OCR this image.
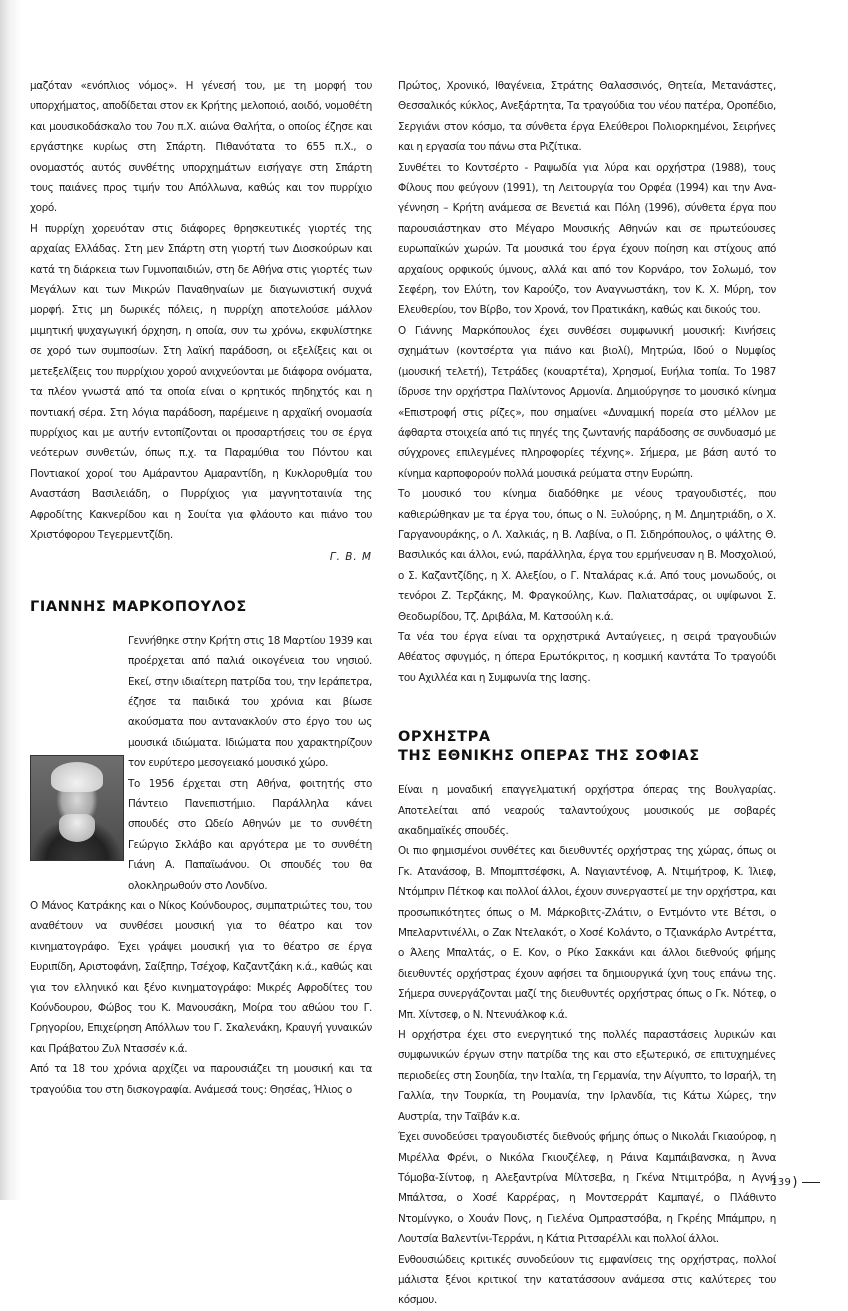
μαζόταν «ενόπλιος νόμος». Η γένεσή του, με τη μορφή του υπορχήματος, αποδίδεται στον εκ Κρήτης μελοποιό, αοιδό, νομοθέτη και μουσικοδάσκαλο του 7ου π.Χ. αιώνα Θαλήτα, ο οποίος έζησε και εργάστηκε κυρίως στη Σπάρτη. Πιθανότατα το 655 π.Χ., ο ονομαστός αυτός συνθέτης υπορχημάτων εισήγαγε στη Σπάρτη τους παιάνες προς τιμήν του Απόλλωνα, καθώς και τον πυρρίχιο χορό.

Η πυρρίχη χορευόταν στις διάφορες θρησκευτικές γιορτές της αρχαίας Ελλάδας. Στη μεν Σπάρτη στη γιορτή των Διοσκούρων και κατά τη διάρκεια των Γυμνοπαιδιών, στη δε Αθήνα στις γιορτές των Μεγάλων και των Μικρών Παναθηναίων με διαγωνιστική συχνά μορφή. Στις μη δωρικές πόλεις, η πυρρίχη αποτελούσε μάλλον μιμητική ψυχαγωγική όρχηση, η οποία, συν τω χρόνω, εκφυλίστηκε σε χορό των συμποσίων. Στη λαϊκή παράδοση, οι εξελίξεις και οι μετεξελίξεις του πυρρίχιου χορού ανιχνεύονται με διάφορα ονόματα, τα πλέον γνωστά από τα οποία είναι ο κρητικός πηδηχτός και η ποντιακή σέρα. Στη λόγια παράδοση, παρέμεινε η αρχαϊκή ονομασία πυρρίχιος και με αυτήν εντοπίζονται οι προσαρτήσεις του σε έργα νεότερων συνθετών, όπως π.χ. τα Παραμύθια του Πόντου και Ποντιακοί χοροί του Αμάραντου Αμαραντίδη, η Κυκλορυθμία του Αναστάση Βασιλειάδη, ο Πυρρίχιος για μαγνητοταινία της Αφροδίτης Κακνερίδου και η Σουίτα για φλάουτο και πιάνο του Χριστόφορου Τεγερμεντζίδη.

Γ. Β. Μ

ΓΙΑΝΝΗΣ ΜΑΡΚΟΠΟΥΛΟΣ

Γεννήθηκε στην Κρήτη στις 18 Μαρτίου 1939 και προέρχεται από παλιά οικογένεια του νησιού. Εκεί, στην ιδιαίτερη πατρίδα του, την Ιεράπετρα, έζησε τα παιδικά του χρόνια και βίωσε ακούσματα που αντανακλούν στο έργο του ως μουσικά ιδιώματα. Ιδιώματα που χαρακτηρίζουν τον ευρύτερο μεσογειακό μουσικό χώρο.

Το 1956 έρχεται στη Αθήνα, φοιτητής στο Πάντειο Πανεπιστήμιο. Παράλληλα κάνει σπουδές στο Ωδείο Αθηνών με το συνθέτη Γεώργιο Σκλάβο και αργότερα με το συνθέτη Γιάνη Α. Παπαϊωάνου. Οι σπουδές του θα ολοκληρωθούν στο Λονδίνο.

Ο Μάνος Κατράκης και ο Νίκος Κούνδουρος, συμπατριώτες του, του αναθέτουν να συνθέσει μουσική για το θέατρο και τον κινηματογράφο. Έχει γράψει μουσική για το θέατρο σε έργα Ευριπίδη, Αριστοφάνη, Σαίξπηρ, Τσέχοφ, Καζαντζάκη κ.ά., καθώς και για τον ελληνικό και ξένο κινηματογράφο: Μικρές Αφροδίτες του Κούνδουρου, Φώβος του Κ. Μανουσάκη, Μοίρα του αθώου του Γ. Γρηγορίου, Επιχείρηση Απόλλων του Γ. Σκαλενάκη, Κραυγή γυναικών και Πράβατου Ζυλ Ντασσέν κ.ά.

Από τα 18 του χρόνια αρχίζει να παρουσιάζει τη μουσική και τα τραγούδια του στη δισκογραφία. Ανάμεσά τους: Θησέας, Ήλιος ο

Πρώτος, Χρονικό, Ιθαγένεια, Στράτης Θαλασσινός, Θητεία, Μετανάστες, Θεσσαλικός κύκλος, Ανεξάρτητα, Τα τραγούδια του νέου πατέρα, Οροπέδιο, Σεργιάνι στον κόσμο, τα σύνθετα έργα Ελεύθεροι Πολιορκημένοι, Σειρήνες και η εργασία του πάνω στα Ριζίτικα.

Συνθέτει το Κοντσέρτο - Ραψωδία για λύρα και ορχήστρα (1988), τους Φίλους που φεύγουν (1991), τη Λειτουργία του Ορφέα (1994) και την Ανα-γέννηση – Κρήτη ανάμεσα σε Βενετιά και Πόλη (1996), σύνθετα έργα που παρουσιάστηκαν στο Μέγαρο Μουσικής Αθηνών και σε πρωτεύουσες ευρωπαϊκών χωρών. Τα μουσικά του έργα έχουν ποίηση και στίχους από αρχαίους ορφικούς ύμνους, αλλά και από τον Κορνάρο, τον Σολωμό, τον Σεφέρη, τον Ελύτη, τον Καρούζο, τον Αναγνωστάκη, τον Κ. Χ. Μύρη, τον Ελευθερίου, τον Βίρβο, τον Χρονά, τον Πρατικάκη, καθώς και δικούς του.

Ο Γιάννης Μαρκόπουλος έχει συνθέσει συμφωνική μουσική: Κινήσεις σχημάτων (κοντσέρτα για πιάνο και βιολί), Μητρώα, Ιδού ο Νυμφίος (μουσική τελετή), Τετράδες (κουαρτέτα), Χρησμοί, Ευήλια τοπία. Το 1987 ίδρυσε την ορχήστρα Παλίντονος Αρμονία. Δημιούργησε το μουσικό κίνημα «Επιστροφή στις ρίζες», που σημαίνει «Δυναμική πορεία στο μέλλον με άφθαρτα στοιχεία από τις πηγές της ζωντανής παράδοσης σε συνδυασμό με σύγχρονες επιλεγμένες πληροφορίες τέχνης». Σήμερα, με βάση αυτό το κίνημα καρποφορούν πολλά μουσικά ρεύματα στην Ευρώπη.

Το μουσικό του κίνημα διαδόθηκε με νέους τραγουδιστές, που καθιερώθηκαν με τα έργα του, όπως ο Ν. Ξυλούρης, η Μ. Δημητριάδη, ο Χ. Γαργανουράκης, ο Λ. Χαλκιάς, η Β. Λαβίνα, ο Π. Σιδηρόπουλος, ο ψάλτης Θ. Βασιλικός και άλλοι, ενώ, παράλληλα, έργα του ερμήνευσαν η Β. Μοσχολιού, ο Σ. Καζαντζίδης, η Χ. Αλεξίου, ο Γ. Νταλάρας κ.ά. Από τους μονωδούς, οι τενόροι Ζ. Τερζάκης, Μ. Φραγκούλης, Κων. Παλιατσάρας, οι υψίφωνοι Σ. Θεοδωρίδου, Τζ. Δριβάλα, Μ. Κατσούλη κ.ά.

Τα νέα του έργα είναι τα ορχηστρικά Ανταύγειες, η σειρά τραγουδιών Αθέατος σφυγμός, η όπερα Ερωτόκριτος, η κοσμική καντάτα Το τραγούδι του Αχιλλέα και η Συμφωνία της Ιασης.

ΟΡΧΗΣΤΡΑ
ΤΗΣ ΕΘΝΙΚΗΣ ΟΠΕΡΑΣ ΤΗΣ ΣΟΦΙΑΣ

Είναι η μοναδική επαγγελματική ορχήστρα όπερας της Βουλγαρίας. Αποτελείται από νεαρούς ταλαντούχους μουσικούς με σοβαρές ακαδημαϊκές σπουδές.

Οι πιο φημισμένοι συνθέτες και διευθυντές ορχήστρας της χώρας, όπως οι Γκ. Ατανάσοφ, Β. Μπομπτσέφσκι, Α. Ναγιαντένοφ, Α. Ντιμήτροφ, Κ. Ίλιεφ, Ντόμπριν Πέτκοφ και πολλοί άλλοι, έχουν συνεργαστεί με την ορχήστρα, και προσωπικότητες όπως ο Μ. Μάρκοβιτς-Ζλάτιν, ο Εντμόντο ντε Βέτσι, ο Μπελαρντινέλλι, ο Ζακ Ντελακότ, ο Χοσέ Κολάντο, ο Τζιανκάρλο Αντρέττα, ο Άλεης Μπαλτάς, ο Ε. Κον, ο Ρίκο Σακκάνι και άλλοι διεθνούς φήμης διευθυντές ορχήστρας έχουν αφήσει τα δημιουργικά ίχνη τους επάνω της. Σήμερα συνεργάζονται μαζί της διευθυντές ορχήστρας όπως ο Γκ. Νότεφ, ο Μπ. Χίντσεφ, ο Ν. Ντενυάλκοφ κ.ά.

Η ορχήστρα έχει στο ενεργητικό της πολλές παραστάσεις λυρικών και συμφωνικών έργων στην πατρίδα της και στο εξωτερικό, σε επιτυχημένες περιοδείες στη Σουηδία, την Ιταλία, τη Γερμανία, την Αίγυπτο, το Ισραήλ, τη Γαλλία, την Τουρκία, τη Ρουμανία, την Ιρλανδία, τις Κάτω Χώρες, την Αυστρία, την Ταϊβάν κ.α.

Έχει συνοδεύσει τραγουδιστές διεθνούς φήμης όπως ο Νικολάι Γκιαούροφ, η Μιρέλλα Φρένι, ο Νικόλα Γκιουζέλεφ, η Ράινα Καμπάιβανσκα, η Άννα Τόμοβα-Σίντοφ, η Αλεξαντρίνα Μίλτσεβα, η Γκένα Ντιμιτρόβα, η Αγνή Μπάλτσα, ο Χοσέ Καρρέρας, η Μοντσερράτ Καμπαγέ, ο Πλάθιντο Ντομίνγκο, ο Χουάν Πονς, η Γιελένα Ομπραστσόβα, η Γκρέης Μπάμπρυ, η Λουτσία Βαλεντίνι-Τερράνι, η Κάτια Ριτσαρέλλι και πολλοί άλλοι.

Ενθουσιώδεις κριτικές συνοδεύουν τις εμφανίσεις της ορχήστρας, πολλοί μάλιστα ξένοι κριτικοί την κατατάσσουν ανάμεσα στις καλύτερες του κόσμου.

139)
